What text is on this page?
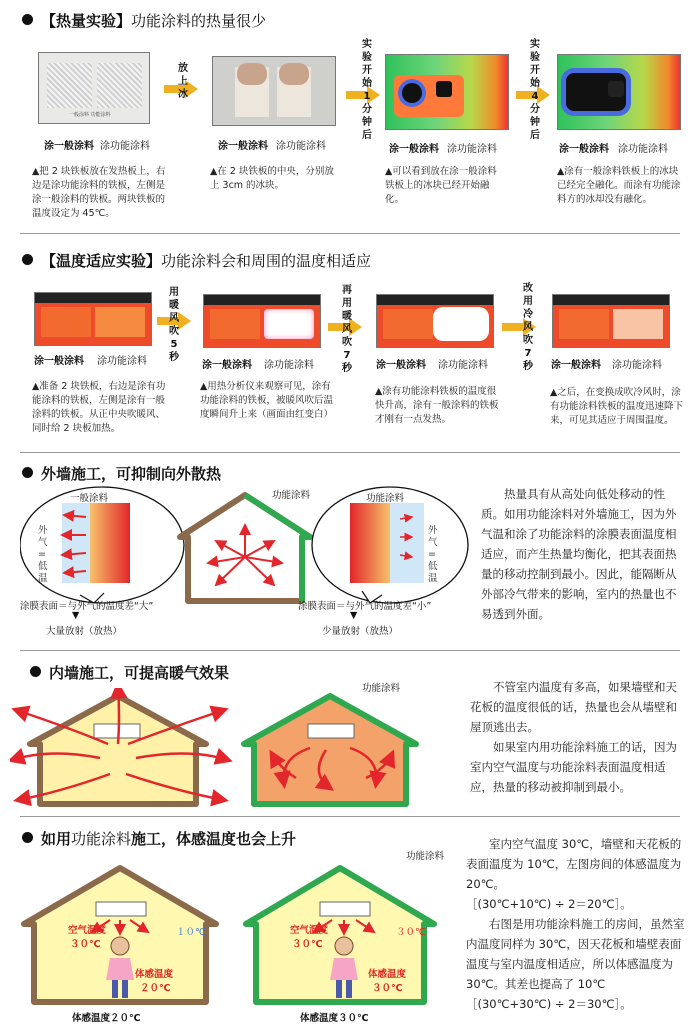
【热量实验】功能涂料的热量很少
一般涂料 功能涂料
涂一般涂料 涂功能涂料
放上冰
涂一般涂料 涂功能涂料
实验开始1分钟后
涂一般涂料 涂功能涂料
实验开始4分钟后
涂一般涂料 涂功能涂料
▲把 2 块铁板放在发热板上，右边是涂功能涂料的铁板，左侧是涂一般涂料的铁板。两块铁板的温度设定为 45℃。
▲在 2 块铁板的中央，分别放上 3cm 的冰块。
▲可以看到放在涂一般涂料铁板上的冰块已经开始融化。
▲涂有一般涂料铁板上的冰块已经完全融化。而涂有功能涂料方的冰却没有融化。
【温度适应实验】功能涂料会和周围的温度相适应
涂一般涂料 涂功能涂料
用暖风吹5秒
涂一般涂料 涂功能涂料
再用暖风吹7秒 涂一般涂料 涂功能涂料
改用冷风吹7秒 涂一般涂料 涂功能涂料
▲准备 2 块铁板，右边是涂有功能涂料的铁板，左侧是涂有一般涂料的铁板。从正中央吹暖风、同时给 2 块板加热。
▲用热分析仪来观察可见，涂有功能涂料的铁板，被暖风吹后温度瞬间升上来（画面由红变白）
▲涂有功能涂料铁板的温度很快升高，涂有一般涂料的铁板才刚有一点发热。
▲之后，在变换成吹冷风时，涂有功能涂料铁板的温度迅速降下来，可见其适应于周围温度。
外墙施工，可抑制向外散热
一般涂料
外气=低温
功能涂料	功能涂料
外气=低温
涂膜表面＝与外气的温度差“大”
▼
大量放射（放热）
涂膜表面＝与外气的温度差“小”
▼
少量放射（放热）
热量具有从高处向低处移动的性质。如用功能涂料对外墙施工，因为外气温和涂了功能涂料的涂膜表面温度相适应，而产生热量均衡化，把其表面热量的移动控制到最小。因此，能隔断从外部冷气带来的影响，室内的热量也不易透到外面。
内墙施工，可提高暖气效果
功能涂料	不管室内温度有多高，如果墙壁和天花板的温度很低的话，热量也会从墙壁和屋顶逃出去。
如果室内用功能涂料施工的话，因为室内空气温度与功能涂料表面温度相适应，热量的移动被抑制到最小。
如用功能涂料施工，体感温度也会上升
功能涂料
空气温度
３０℃
１０℃
体感温度
２０℃
体感温度２０℃
空气温度
３０℃
３０℃
体感温度
３０℃
体感温度３０℃
室内空气温度 30℃，墙壁和天花板的表面温度为 10℃，左图房间的体感温度为 20℃。
［(30℃+10℃) ÷ 2＝20℃］。
右图是用功能涂料施工的房间，虽然室内温度同样为 30℃，因天花板和墙壁表面温度与室内温度相适应，所以体感温度为 30℃。其差也提高了 10℃
［(30℃+30℃) ÷ 2＝30℃］。
